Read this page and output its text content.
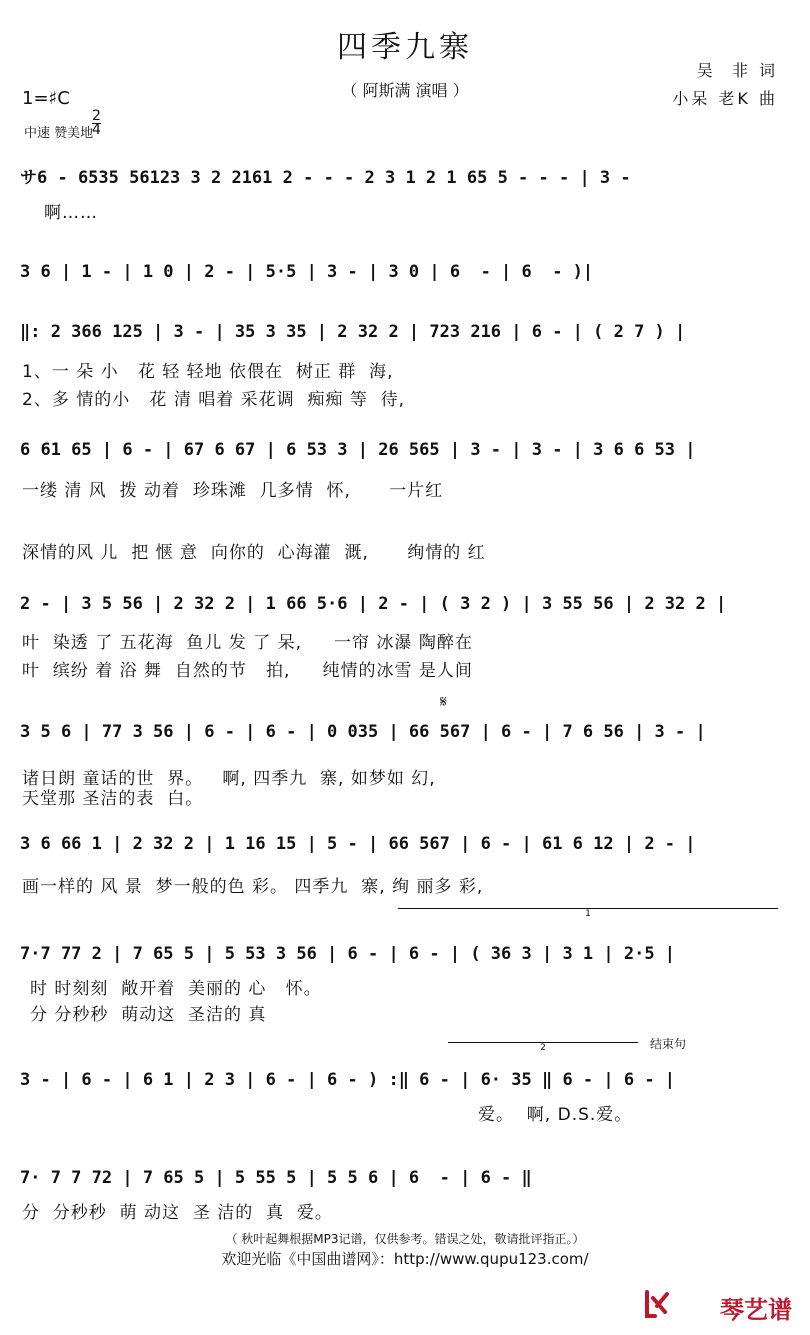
四季九寨
（ 阿斯满 演唱 ）
吴  非 词
小呆 老K 曲
1=♯C

2
4

中速 赞美地
サ6 - 6535 56123 3 2 2161 2 - - - 2 3 1 2 1 65 5 - - - | 3 -
啊……
3 6 | 1 - | 1 0 | 2 - | 5·5 | 3 - | 3 0 | 6  - | 6  - )|
‖: 2 366 125 | 3 - | 35 3 35 | 2 32 2 | 723 216 | 6 - | ( 2 7 ) |
1、一 朵 小   花 轻 轻地 依偎在  树正 群  海,
2、多 情的小   花 清 唱着 采花调  痴痴 等  待,
6 61 65 | 6 - | 67 6 67 | 6 53 3 | 26 565 | 3 - | 3 - | 3 6 6 53 |
一缕 清 风  拨 动着  珍珠滩  几多情  怀,      一片红
深情的风 儿  把 惬 意  向你的  心海灌  溉,      绚情的 红
2 - | 3 5 56 | 2 32 2 | 1 66 5·6 | 2 - | ( 3 2 ) | 3 55 56 | 2 32 2 |
叶  染透 了 五花海  鱼儿 发 了 呆,     一帘 冰瀑 陶醉在
叶  缤纷 着 浴 舞  自然的节   拍,     纯情的冰雪 是人间
𝄋
3 5 6 | 77 3 56 | 6 - | 6 - | 0 035 | 66 567 | 6 - | 7 6 56 | 3 - |
诸日朗 童话的世  界。   啊, 四季九  寨, 如梦如 幻,
天堂那 圣洁的表  白。
3 6 66 1 | 2 32 2 | 1 16 15 | 5 - | 66 567 | 6 - | 61 6 12 | 2 - |
画一样的 风 景  梦一般的色 彩。 四季九  寨, 绚 丽多 彩,
1
7·7 77 2 | 7 65 5 | 5 53 3 56 | 6 - | 6 - | ( 36 3 | 3 1 | 2·5 |
时 时刻刻  敞开着  美丽的 心   怀。
分 分秒秒  萌动这  圣洁的 真
2	结束句
3 - | 6 - | 6 1 | 2 3 | 6 - | 6 - ) :‖ 6 - | 6· 35 ‖ 6 - | 6 - |
爱。  啊, D.S.爱。
7· 7 7 72 | 7 65 5 | 5 55 5 | 5 5 6 | 6  - | 6 - ‖
分  分秒秒  萌 动这  圣 洁的  真  爱。
（ 秋叶起舞根据MP3记谱，仅供参考。错误之处，敬请批评指正。）
欢迎光临《中国曲谱网》：http://www.qupu123.com/
琴艺谱
